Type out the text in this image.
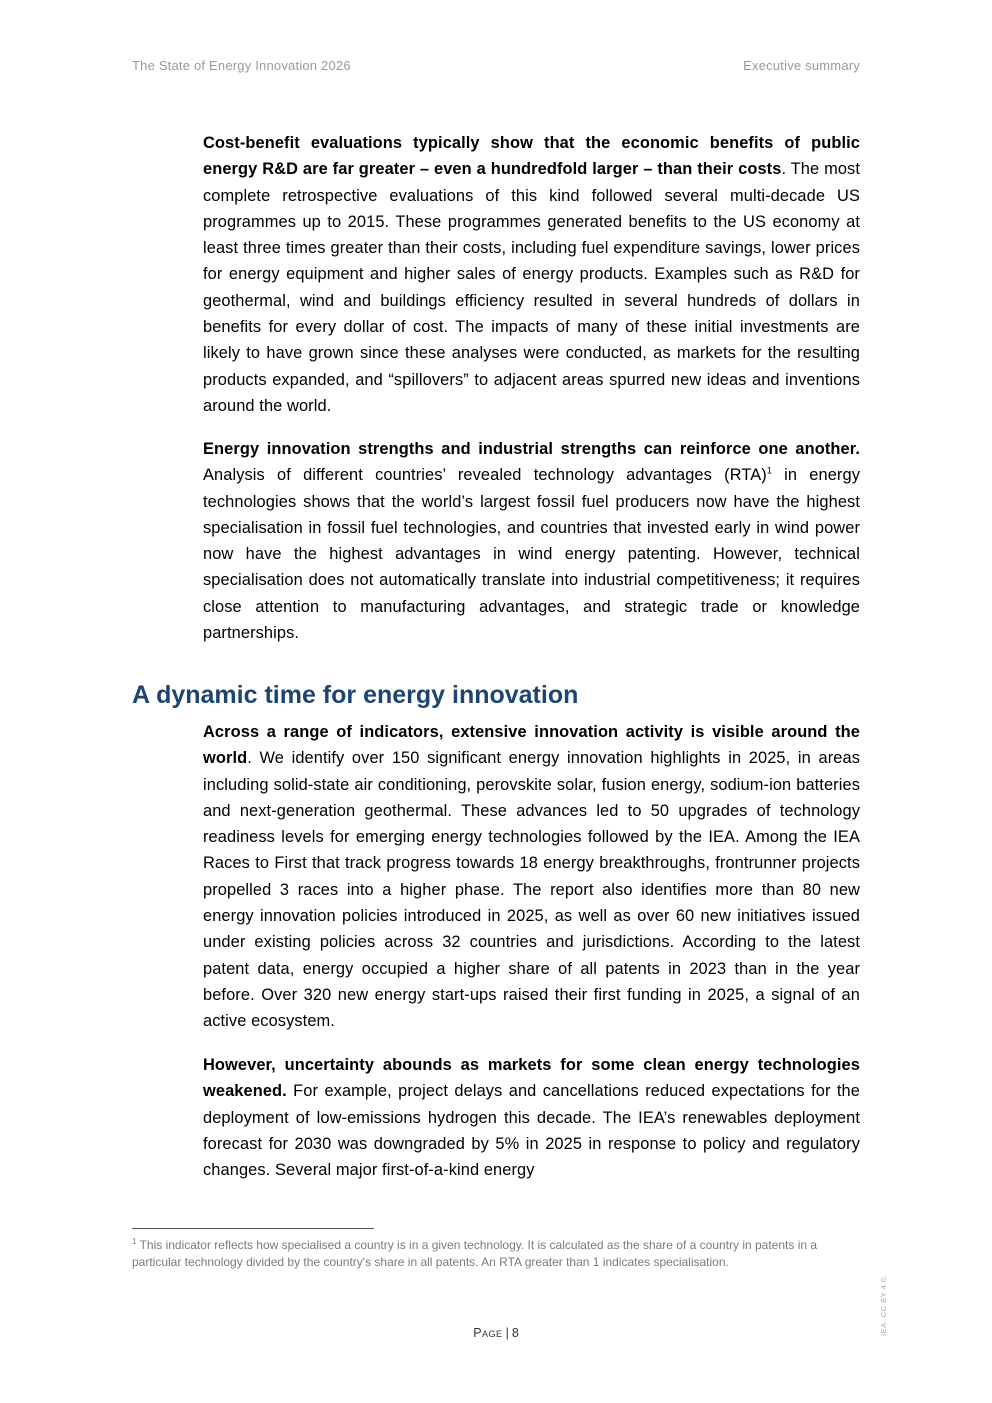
The State of Energy Innovation 2026	Executive summary

Cost-benefit evaluations typically show that the economic benefits of public energy R&D are far greater – even a hundredfold larger – than their costs. The most complete retrospective evaluations of this kind followed several multi-decade US programmes up to 2015. These programmes generated benefits to the US economy at least three times greater than their costs, including fuel expenditure savings, lower prices for energy equipment and higher sales of energy products. Examples such as R&D for geothermal, wind and buildings efficiency resulted in several hundreds of dollars in benefits for every dollar of cost. The impacts of many of these initial investments are likely to have grown since these analyses were conducted, as markets for the resulting products expanded, and “spillovers” to adjacent areas spurred new ideas and inventions around the world.

Energy innovation strengths and industrial strengths can reinforce one another. Analysis of different countries’ revealed technology advantages (RTA)$^1$ in energy technologies shows that the world’s largest fossil fuel producers now have the highest specialisation in fossil fuel technologies, and countries that invested early in wind power now have the highest advantages in wind energy patenting. However, technical specialisation does not automatically translate into industrial competitiveness; it requires close attention to manufacturing advantages, and strategic trade or knowledge partnerships.

A dynamic time for energy innovation

Across a range of indicators, extensive innovation activity is visible around the world. We identify over 150 significant energy innovation highlights in 2025, in areas including solid-state air conditioning, perovskite solar, fusion energy, sodium-ion batteries and next-generation geothermal. These advances led to 50 upgrades of technology readiness levels for emerging energy technologies followed by the IEA. Among the IEA Races to First that track progress towards 18 energy breakthroughs, frontrunner projects propelled 3 races into a higher phase. The report also identifies more than 80 new energy innovation policies introduced in 2025, as well as over 60 new initiatives issued under existing policies across 32 countries and jurisdictions. According to the latest patent data, energy occupied a higher share of all patents in 2023 than in the year before. Over 320 new energy start-ups raised their first funding in 2025, a signal of an active ecosystem.

However, uncertainty abounds as markets for some clean energy technologies weakened. For example, project delays and cancellations reduced expectations for the deployment of low-emissions hydrogen this decade. The IEA’s renewables deployment forecast for 2030 was downgraded by 5% in 2025 in response to policy and regulatory changes. Several major first-of-a-kind energy

$^1$ This indicator reflects how specialised a country is in a given technology. It is calculated as the share of a country in patents in a particular technology divided by the country's share in all patents. An RTA greater than 1 indicates specialisation.

Page | 8	IEA. CC BY 4.0.
